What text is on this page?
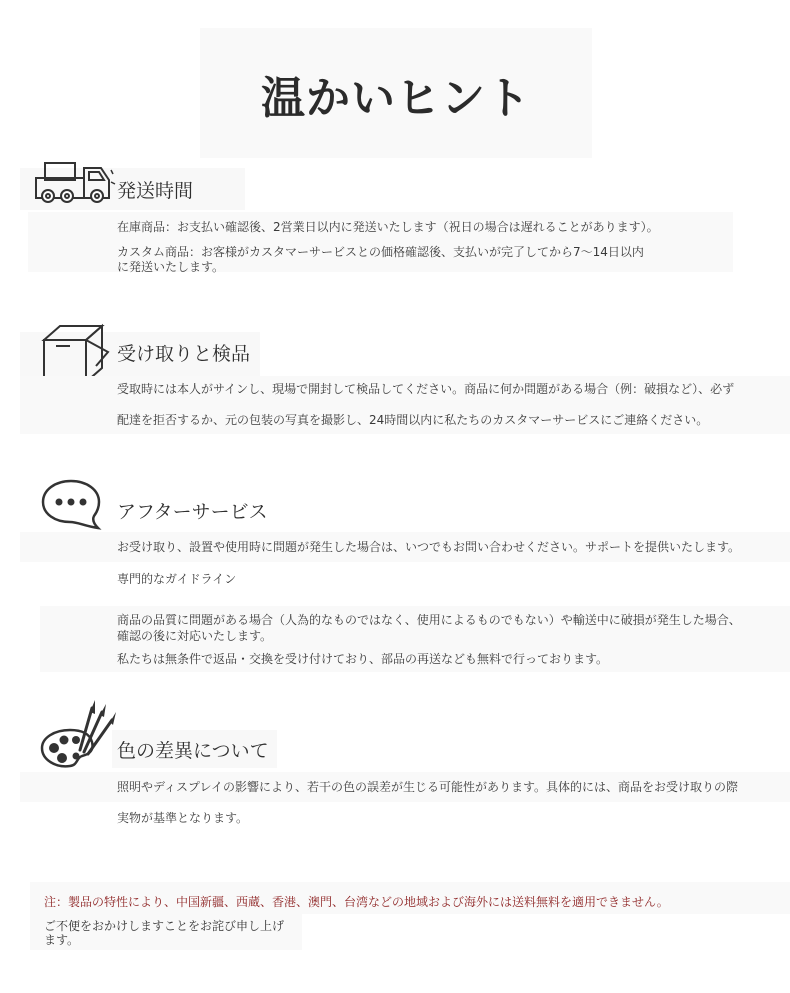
温かいヒント
発送時間
在庫商品：お支払い確認後、2営業日以内に発送いたします（祝日の場合は遅れることがあります）。
カスタム商品：お客様がカスタマーサービスとの価格確認後、支払いが完了してから7～14日以内
に発送いたします。
受け取りと検品
受取時には本人がサインし、現場で開封して検品してください。商品に何か問題がある場合（例：破損など）、必ず
配達を拒否するか、元の包装の写真を撮影し、24時間以内に私たちのカスタマーサービスにご連絡ください。
アフターサービス
お受け取り、設置や使用時に問題が発生した場合は、いつでもお問い合わせください。サポートを提供いたします。
専門的なガイドライン
商品の品質に問題がある場合（人為的なものではなく、使用によるものでもない）や輸送中に破損が発生した場合、
確認の後に対応いたします。
私たちは無条件で返品・交換を受け付けており、部品の再送なども無料で行っております。
色の差異について
照明やディスプレイの影響により、若干の色の誤差が生じる可能性があります。具体的には、商品をお受け取りの際
実物が基準となります。
注：製品の特性により、中国新疆、西蔵、香港、澳門、台湾などの地域および海外には送料無料を適用できません。
ご不便をおかけしますことをお詫び申し上げます。
